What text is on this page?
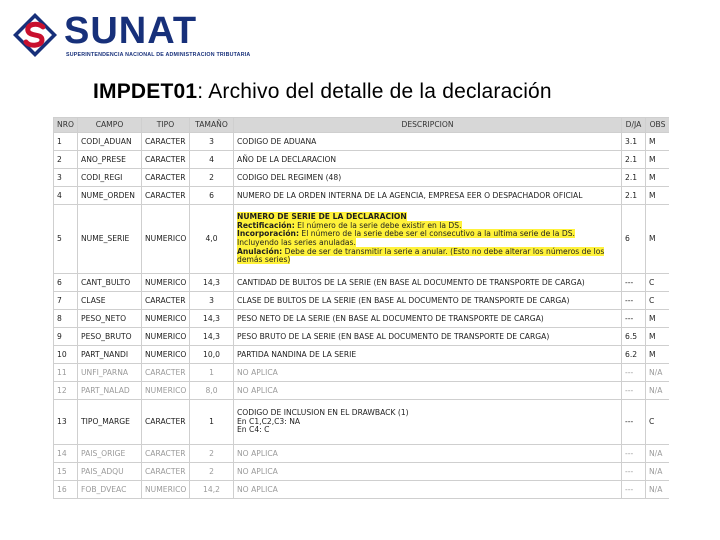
SUNAT
SUPERINTENDENCIA NACIONAL DE ADMINISTRACION TRIBUTARIA
IMPDET01: Archivo del detalle de la declaración
NRO	CAMPO	TIPO	TAMAÑO	DESCRIPCION	D/JA	OBS
1	CODI_ADUAN	CARACTER	3	CODIGO DE ADUANA	3.1	M
2	ANO_PRESE	CARACTER	4	AÑO DE LA DECLARACION	2.1	M
3	CODI_REGI	CARACTER	2	CODIGO DEL REGIMEN (48)	2.1	M
4	NUME_ORDEN	CARACTER	6	NUMERO DE LA ORDEN INTERNA DE LA AGENCIA, EMPRESA EER O DESPACHADOR OFICIAL	2.1	M
5	NUME_SERIE	NUMERICO	4,0	NUMERO DE SERIE DE LA DECLARACION
Rectificación: El número de la serie debe existir en la DS.
Incorporación: El número de la serie debe ser el consecutivo a la ultima serie de la DS.
Incluyendo las series anuladas.
Anulación: Debe de ser de transmitir la serie a anular. (Esto no debe alterar los números de los demás series)	6	M
6	CANT_BULTO	NUMERICO	14,3	CANTIDAD DE BULTOS DE LA SERIE (EN BASE AL DOCUMENTO DE TRANSPORTE DE CARGA)	---	C
7	CLASE	CARACTER	3	CLASE DE BULTOS DE LA SERIE (EN BASE AL DOCUMENTO DE TRANSPORTE DE CARGA)	---	C
8	PESO_NETO	NUMERICO	14,3	PESO NETO DE LA SERIE (EN BASE AL DOCUMENTO DE TRANSPORTE DE CARGA)	---	M
9	PESO_BRUTO	NUMERICO	14,3	PESO BRUTO DE LA SERIE (EN BASE AL DOCUMENTO DE TRANSPORTE DE CARGA)	6.5	M
10	PART_NANDI	NUMERICO	10,0	PARTIDA NANDINA DE LA SERIE	6.2	M
11	UNFI_PARNA	CARACTER	1	NO APLICA	---	N/A
12	PART_NALAD	NUMERICO	8,0	NO APLICA	---	N/A
13	TIPO_MARGE	CARACTER	1	CODIGO DE INCLUSION EN EL DRAWBACK (1)
En C1,C2,C3: NA
En C4: C	---	C
14	PAIS_ORIGE	CARACTER	2	NO APLICA	---	N/A
15	PAIS_ADQU	CARACTER	2	NO APLICA	---	N/A
16	FOB_DVEAC	NUMERICO	14,2	NO APLICA	---	N/A
